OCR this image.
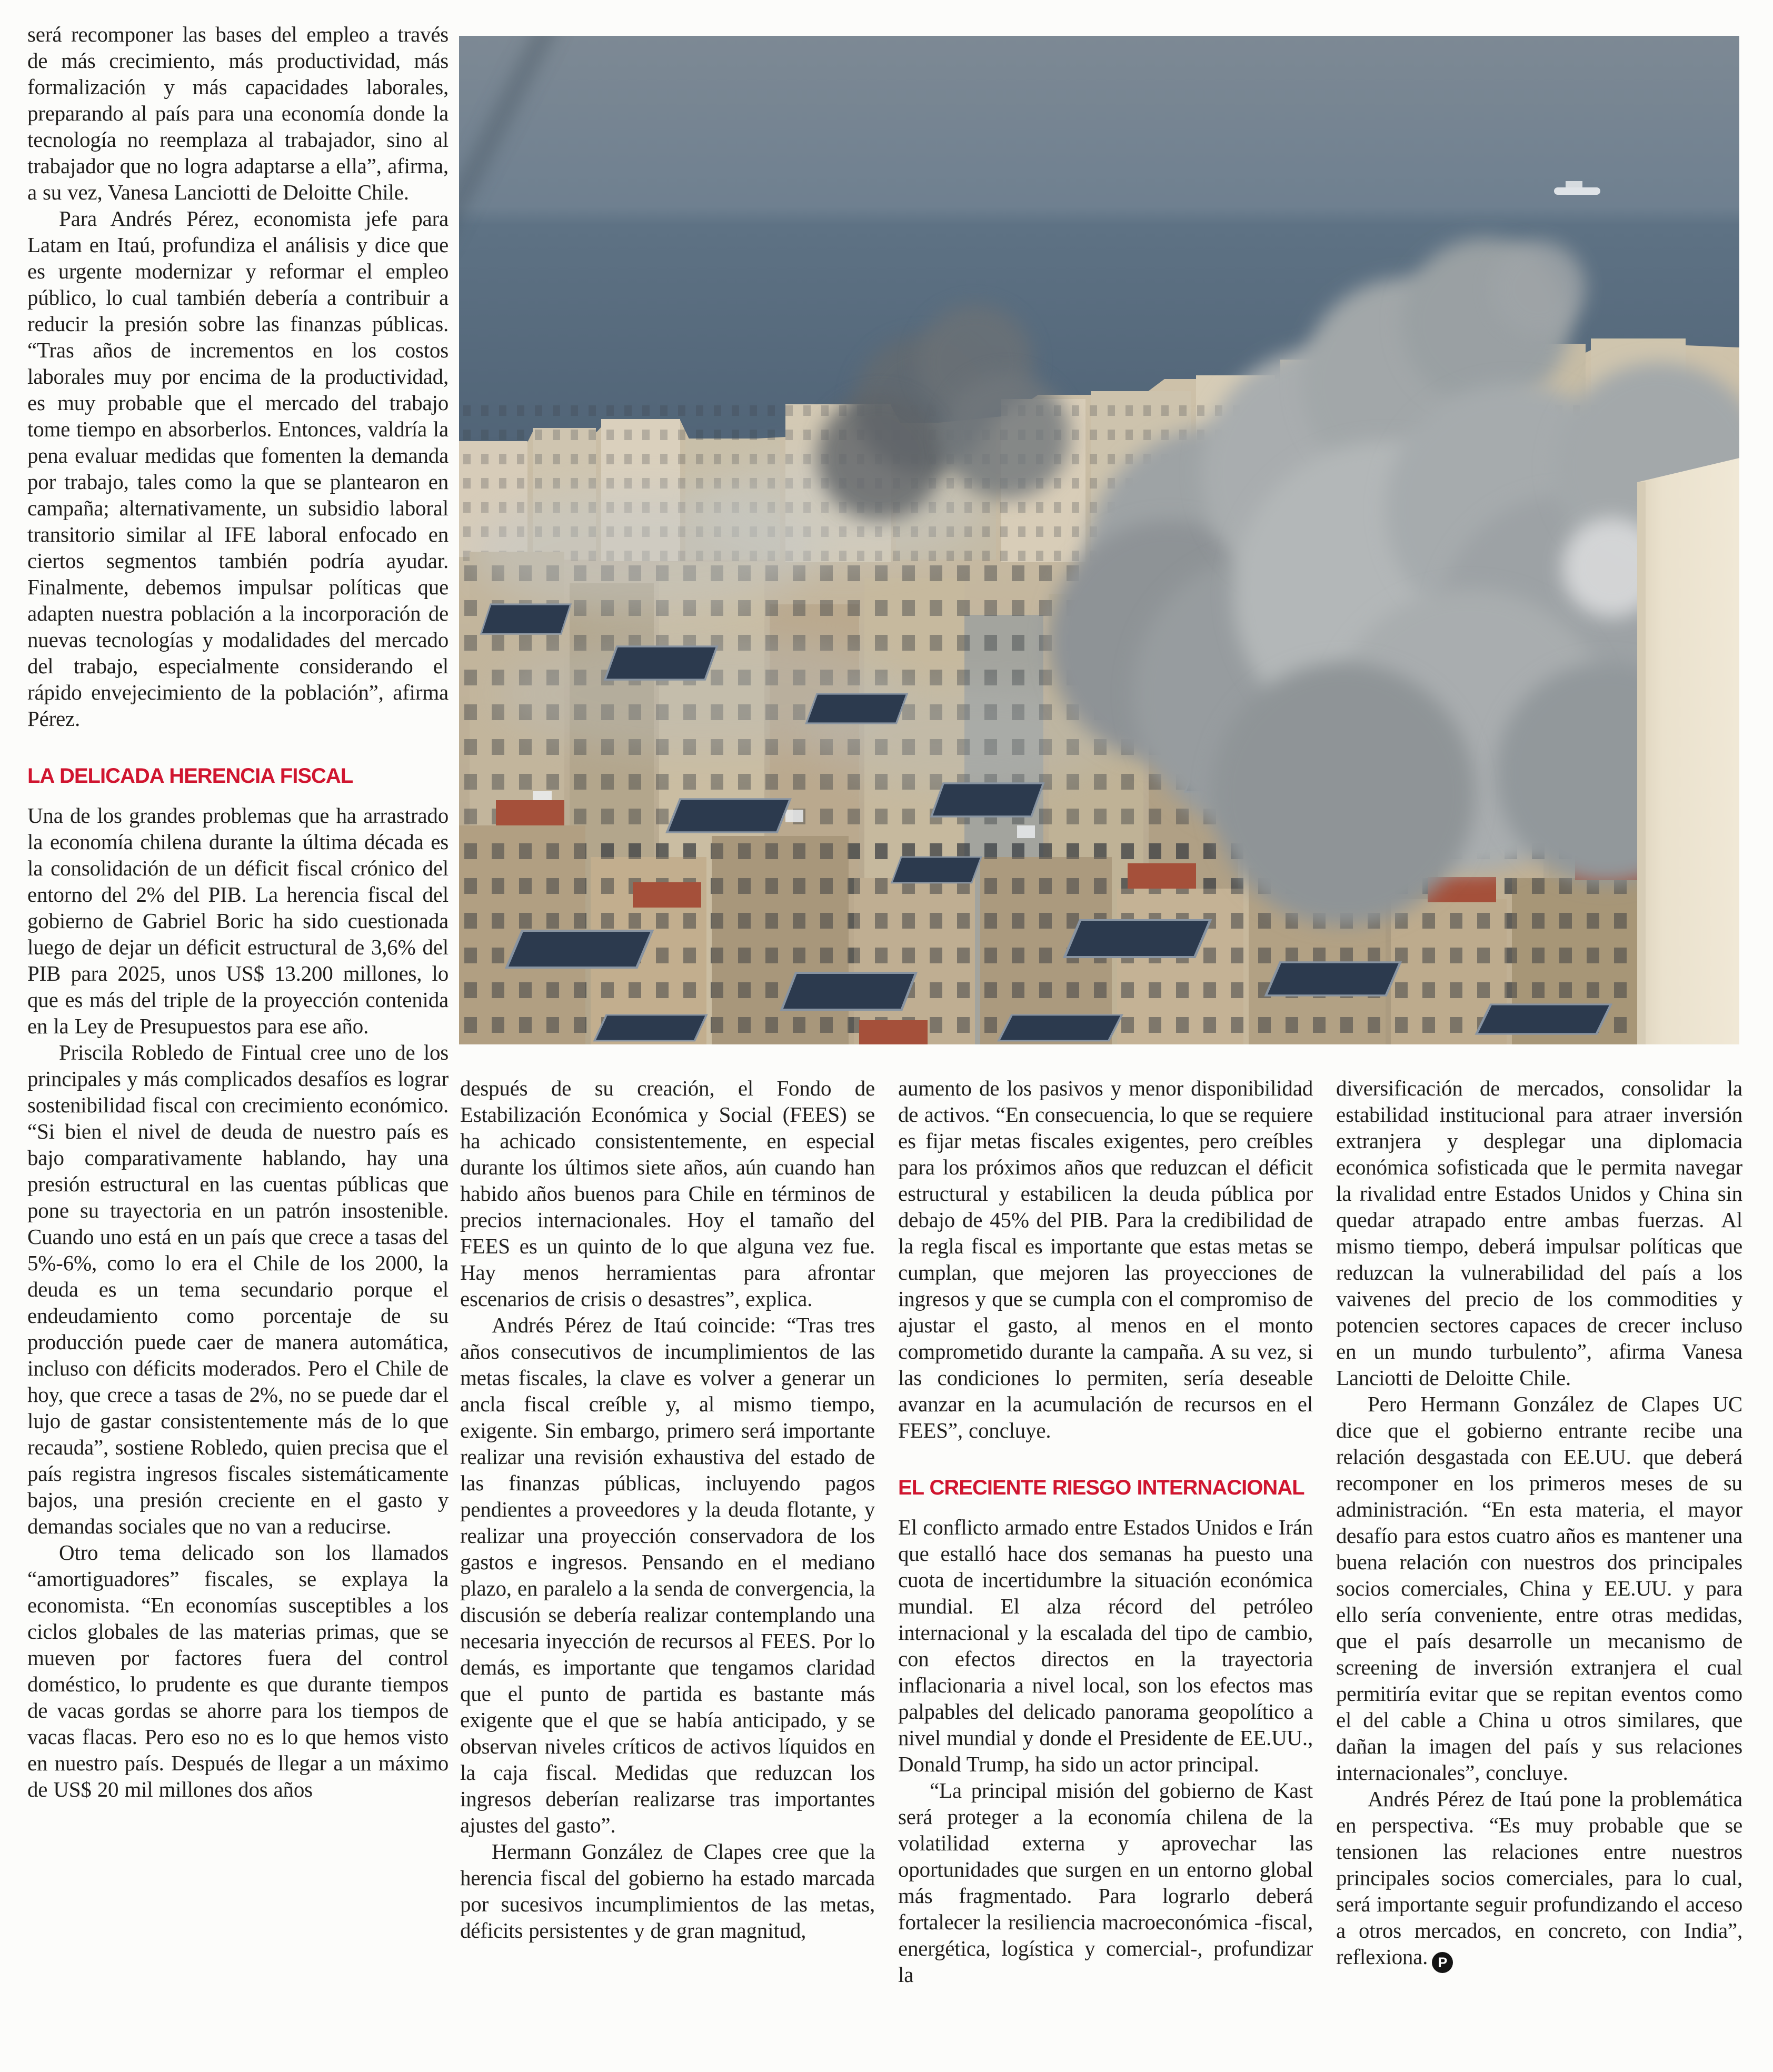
será recomponer las bases del empleo a través de más crecimiento, más productividad, más formalización y más capacidades laborales, preparando al país para una economía donde la tecnología no reemplaza al trabajador, sino al trabajador que no logra adaptarse a ella”, afirma, a su vez, Vanesa Lanciotti de Deloitte Chile.

Para Andrés Pérez, economista jefe para Latam en Itaú, profundiza el análisis y dice que es urgente modernizar y reformar el empleo público, lo cual también debería a contribuir a reducir la presión sobre las finanzas públicas. “Tras años de incrementos en los costos laborales muy por encima de la productividad, es muy probable que el mercado del trabajo tome tiempo en absorberlos. Entonces, valdría la pena evaluar medidas que fomenten la demanda por trabajo, tales como la que se plantearon en campaña; alternativamente, un subsidio laboral transitorio similar al IFE laboral enfocado en ciertos segmentos también podría ayudar. Finalmente, debemos impulsar políticas que adapten nuestra población a la incorporación de nuevas tecnologías y modalidades del mercado del trabajo, especialmente considerando el rápido envejecimiento de la población”, afirma Pérez.

LA DELICADA HERENCIA FISCAL

Una de los grandes problemas que ha arrastrado la economía chilena durante la última década es la consolidación de un déficit fiscal crónico del entorno del 2% del PIB. La herencia fiscal del gobierno de Gabriel Boric ha sido cuestionada luego de dejar un déficit estructural de 3,6% del PIB para 2025, unos US$ 13.200 millones, lo que es más del triple de la proyección contenida en la Ley de Presupuestos para ese año.

Priscila Robledo de Fintual cree uno de los principales y más complicados desafíos es lograr sostenibilidad fiscal con crecimiento económico. “Si bien el nivel de deuda de nuestro país es bajo comparativamente hablando, hay una presión estructural en las cuentas públicas que pone su trayectoria en un patrón insostenible. Cuando uno está en un país que crece a tasas del 5%-6%, como lo era el Chile de los 2000, la deuda es un tema secundario porque el endeudamiento como porcentaje de su producción puede caer de manera automática, incluso con déficits moderados. Pero el Chile de hoy, que crece a tasas de 2%, no se puede dar el lujo de gastar consistentemente más de lo que recauda”, sostiene Robledo, quien precisa que el país registra ingresos fiscales sistemáticamente bajos, una presión creciente en el gasto y demandas sociales que no van a reducirse.

Otro tema delicado son los llamados “amortiguadores” fiscales, se explaya la economista. “En economías susceptibles a los ciclos globales de las materias primas, que se mueven por factores fuera del control doméstico, lo prudente es que durante tiempos de vacas gordas se ahorre para los tiempos de vacas flacas. Pero eso no es lo que hemos visto en nuestro país. Después de llegar a un máximo de US$ 20 mil millones dos años

después de su creación, el Fondo de Estabilización Económica y Social (FEES) se ha achicado consistentemente, en especial durante los últimos siete años, aún cuando han habido años buenos para Chile en términos de precios internacionales. Hoy el tamaño del FEES es un quinto de lo que alguna vez fue. Hay menos herramientas para afrontar escenarios de crisis o desastres”, explica.

Andrés Pérez de Itaú coincide: “Tras tres años consecutivos de incumplimientos de las metas fiscales, la clave es volver a generar un ancla fiscal creíble y, al mismo tiempo, exigente. Sin embargo, primero será importante realizar una revisión exhaustiva del estado de las finanzas públicas, incluyendo pagos pendientes a proveedores y la deuda flotante, y realizar una proyección conservadora de los gastos e ingresos. Pensando en el mediano plazo, en paralelo a la senda de convergencia, la discusión se debería realizar contemplando una necesaria inyección de recursos al FEES. Por lo demás, es importante que tengamos claridad que el punto de partida es bastante más exigente que el que se había anticipado, y se observan niveles críticos de activos líquidos en la caja fiscal. Medidas que reduzcan los ingresos deberían realizarse tras importantes ajustes del gasto”.

Hermann González de Clapes cree que la herencia fiscal del gobierno ha estado marcada por sucesivos incumplimientos de las metas, déficits persistentes y de gran magnitud,

aumento de los pasivos y menor disponibilidad de activos. “En consecuencia, lo que se requiere es fijar metas fiscales exigentes, pero creíbles para los próximos años que reduzcan el déficit estructural y estabilicen la deuda pública por debajo de 45% del PIB. Para la credibilidad de la regla fiscal es importante que estas metas se cumplan, que mejoren las proyecciones de ingresos y que se cumpla con el compromiso de ajustar el gasto, al menos en el monto comprometido durante la campaña. A su vez, si las condiciones lo permiten, sería deseable avanzar en la acumulación de recursos en el FEES”, concluye.

EL CRECIENTE RIESGO INTERNACIONAL

El conflicto armado entre Estados Unidos e Irán que estalló hace dos semanas ha puesto una cuota de incertidumbre la situación económica mundial. El alza récord del petróleo internacional y la escalada del tipo de cambio, con efectos directos en la trayectoria inflacionaria a nivel local, son los efectos mas palpables del delicado panorama geopolítico a nivel mundial y donde el Presidente de EE.UU., Donald Trump, ha sido un actor principal.

“La principal misión del gobierno de Kast será proteger a la economía chilena de la volatilidad externa y aprovechar las oportunidades que surgen en un entorno global más fragmentado. Para lograrlo deberá fortalecer la resiliencia macroeconómica -fiscal, energética, logística y comercial-, profundizar la

diversificación de mercados, consolidar la estabilidad institucional para atraer inversión extranjera y desplegar una diplomacia económica sofisticada que le permita navegar la rivalidad entre Estados Unidos y China sin quedar atrapado entre ambas fuerzas. Al mismo tiempo, deberá impulsar políticas que reduzcan la vulnerabilidad del país a los vaivenes del precio de los commodities y potencien sectores capaces de crecer incluso en un mundo turbulento”, afirma Vanesa Lanciotti de Deloitte Chile.

Pero Hermann González de Clapes UC dice que el gobierno entrante recibe una relación desgastada con EE.UU. que deberá recomponer en los primeros meses de su administración. “En esta materia, el mayor desafío para estos cuatro años es mantener una buena relación con nuestros dos principales socios comerciales, China y EE.UU. y para ello sería conveniente, entre otras medidas, que el país desarrolle un mecanismo de screening de inversión extranjera el cual permitiría evitar que se repitan eventos como el del cable a China u otros similares, que dañan la imagen del país y sus relaciones internacionales”, concluye.

Andrés Pérez de Itaú pone la problemática en perspectiva. “Es muy probable que se tensionen las relaciones entre nuestros principales socios comerciales, para lo cual, será importante seguir profundizando el acceso a otros mercados, en concreto, con India”, reflexiona. P
